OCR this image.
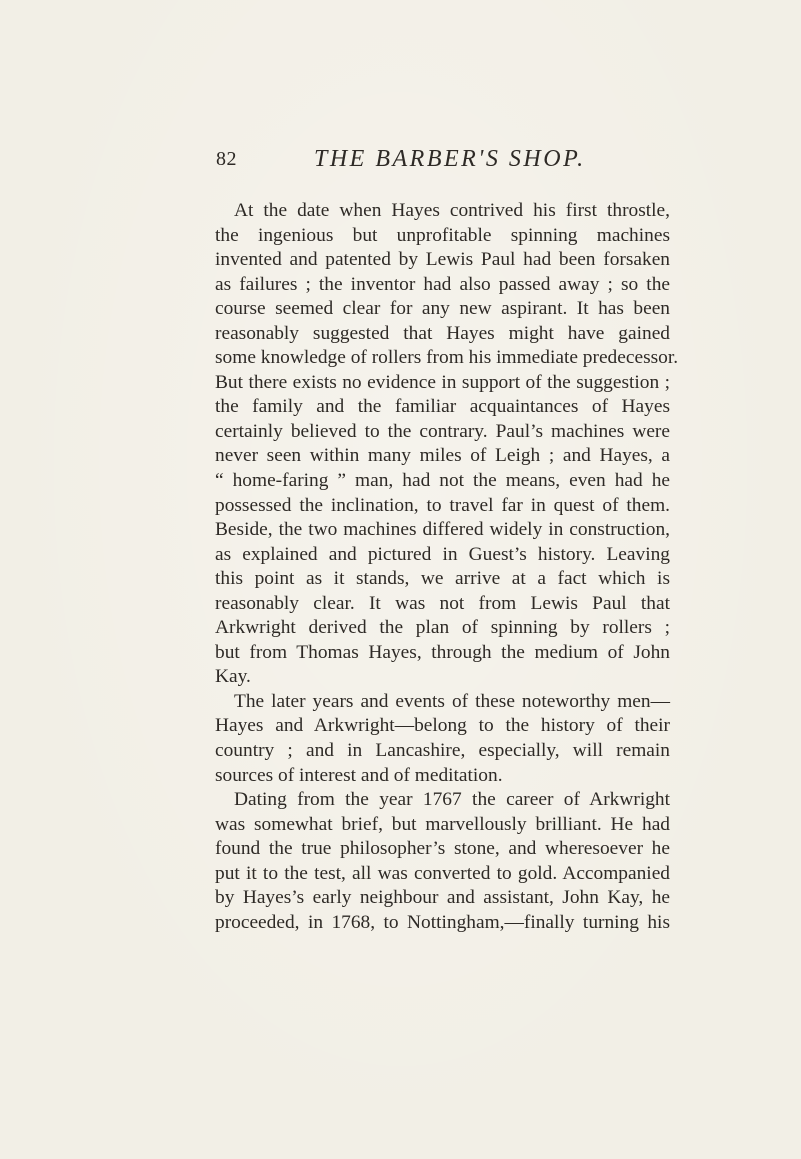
82	THE BARBER'S SHOP.
At the date when Hayes contrived his first throstle,
the ingenious but unprofitable spinning machines
invented and patented by Lewis Paul had been forsaken
as failures ; the inventor had also passed away ; so the
course seemed clear for any new aspirant. It has been
reasonably suggested that Hayes might have gained
some knowledge of rollers from his immediate predecessor.
But there exists no evidence in support of the suggestion ;
the family and the familiar acquaintances of Hayes
certainly believed to the contrary. Paul’s machines were
never seen within many miles of Leigh ; and Hayes, a
“ home-faring ” man, had not the means, even had he
possessed the inclination, to travel far in quest of them.
Beside, the two machines differed widely in construction,
as explained and pictured in Guest’s history. Leaving
this point as it stands, we arrive at a fact which is
reasonably clear. It was not from Lewis Paul that
Arkwright derived the plan of spinning by rollers ;
but from Thomas Hayes, through the medium of John
Kay.
The later years and events of these noteworthy men—
Hayes and Arkwright—belong to the history of their
country ; and in Lancashire, especially, will remain
sources of interest and of meditation.
Dating from the year 1767 the career of Arkwright
was somewhat brief, but marvellously brilliant. He had
found the true philosopher’s stone, and wheresoever he
put it to the test, all was converted to gold. Accompanied
by Hayes’s early neighbour and assistant, John Kay, he
proceeded, in 1768, to Nottingham,—finally turning his
